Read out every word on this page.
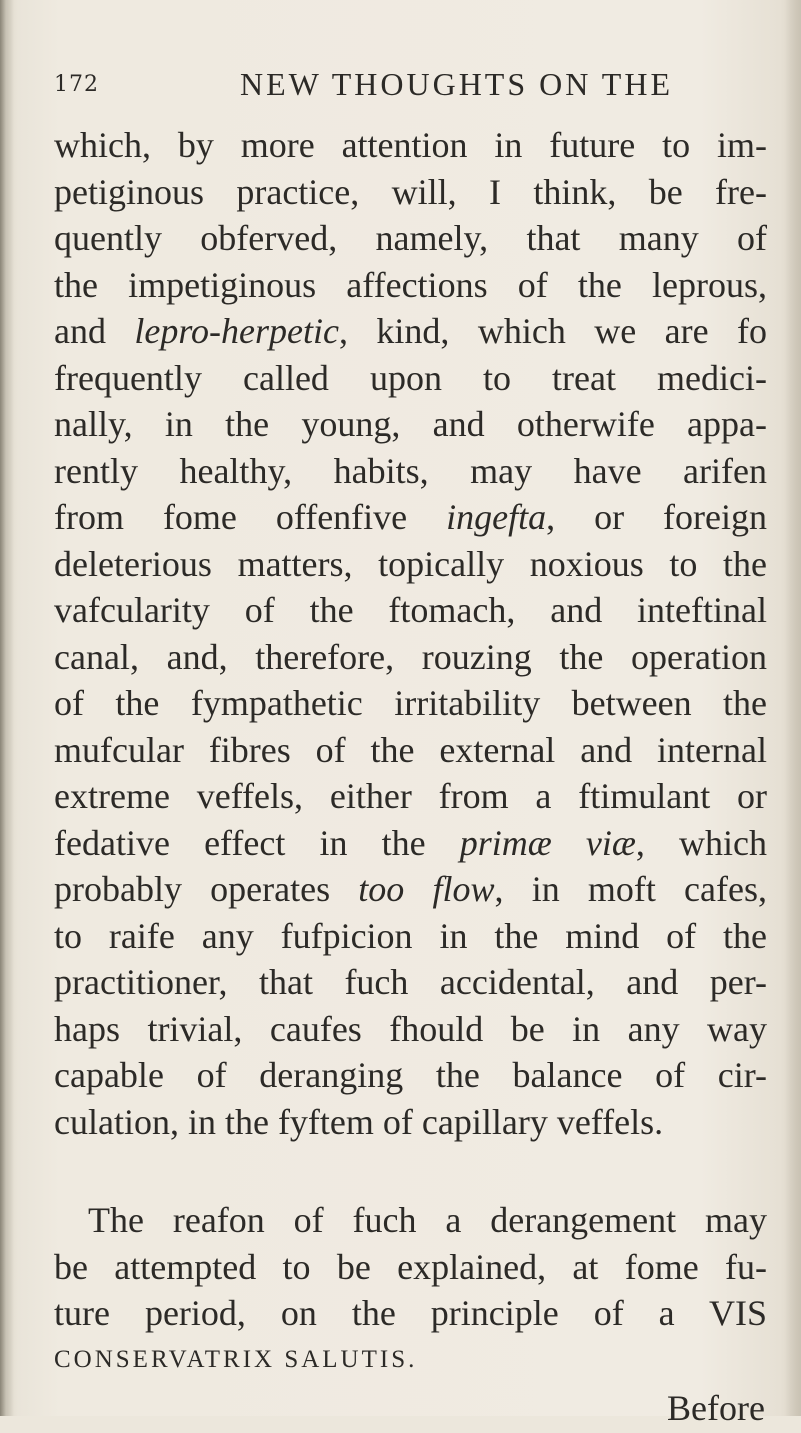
172	NEW THOUGHTS ON THE
which, by more attention in future to im-
petiginous practice, will, I think, be fre-
quently obferved, namely, that many of
the impetiginous affections of the leprous,
and lepro-herpetic, kind, which we are fo
frequently called upon to treat medici-
nally, in the young, and otherwife appa-
rently healthy, habits, may have arifen
from fome offenfive ingefta, or foreign
deleterious matters, topically noxious to the
vafcularity of the ftomach, and inteftinal
canal, and, therefore, rouzing the operation
of the fympathetic irritability between the
mufcular fibres of the external and internal
extreme veffels, either from a ftimulant or
fedative effect in the primæ viæ, which
probably operates too flow, in moft cafes,
to raife any fufpicion in the mind of the
practitioner, that fuch accidental, and per-
haps trivial, caufes fhould be in any way
capable of deranging the balance of cir-
culation, in the fyftem of capillary veffels.
The reafon of fuch a derangement may
be attempted to be explained, at fome fu-
ture period, on the principle of a VIS
CONSERVATRIX SALUTIS.
Before
